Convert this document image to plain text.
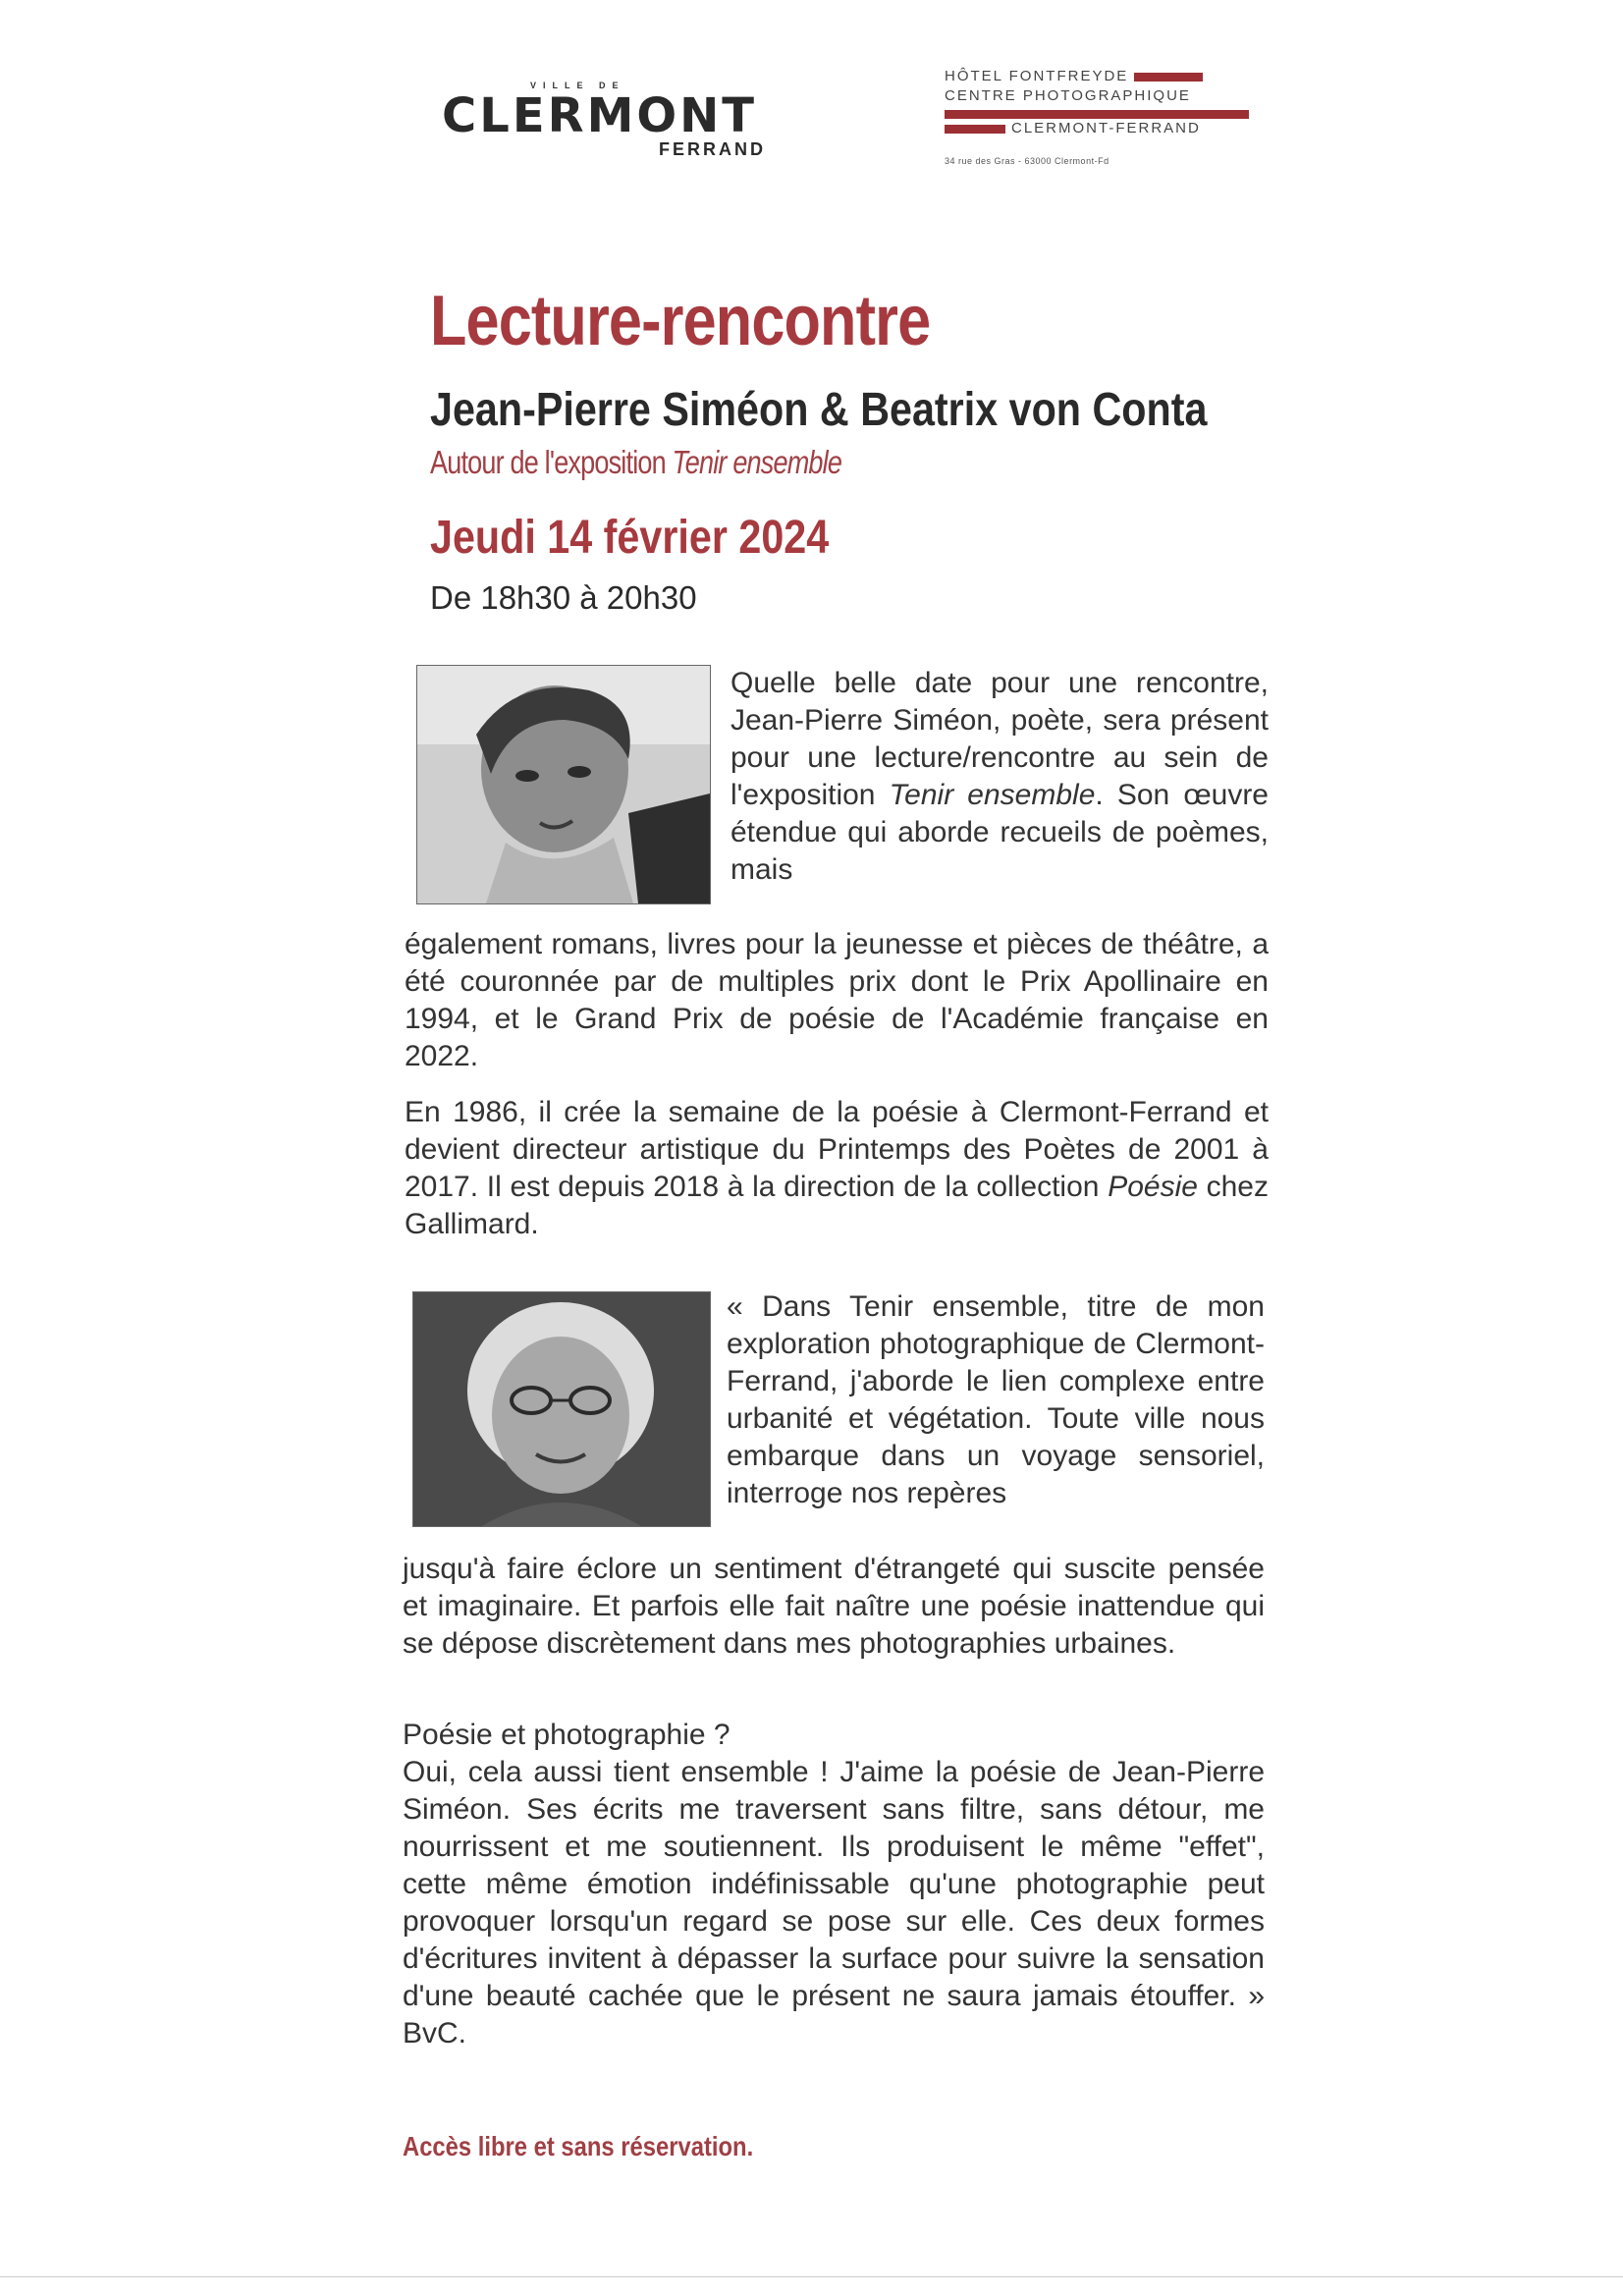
VILLE DE
CLERMONT
FERRAND
HÔTEL FONTFREYDE
CENTRE PHOTOGRAPHIQUE
CLERMONT-FERRAND
34 rue des Gras - 63000 Clermont-Fd
Lecture-rencontre
Jean-Pierre Siméon & Beatrix von Conta
Autour de l'exposition Tenir ensemble
Jeudi 14 février 2024
De 18h30 à 20h30
Quelle belle date pour une rencontre, Jean-Pierre Siméon, poète, sera présent pour une lecture/rencontre au sein de l'exposition Tenir ensemble. Son œuvre étendue qui aborde recueils de poèmes, mais
également romans, livres pour la jeunesse et pièces de théâtre, a été couronnée par de multiples prix dont le Prix Apollinaire en 1994, et le Grand Prix de poésie de l'Académie française en 2022.
En 1986, il crée la semaine de la poésie à Clermont-Ferrand et devient directeur artistique du Printemps des Poètes de 2001 à 2017. Il est depuis 2018 à la direction de la collection Poésie chez Gallimard.
« Dans Tenir ensemble, titre de mon exploration photographique de Clermont-Ferrand, j'aborde le lien complexe entre urbanité et végétation. Toute ville nous embarque dans un voyage sensoriel, interroge nos repères
jusqu'à faire éclore un sentiment d'étrangeté qui suscite pensée et imaginaire. Et parfois elle fait naître une poésie inattendue qui se dépose discrètement dans mes photographies urbaines.
Poésie et photographie ?
Oui, cela aussi tient ensemble ! J'aime la poésie de Jean-Pierre Siméon. Ses écrits me traversent sans filtre, sans détour, me nourrissent et me soutiennent. Ils produisent le même "effet", cette même émotion indéfinissable qu'une photographie peut provoquer lorsqu'un regard se pose sur elle. Ces deux formes d'écritures invitent à dépasser la surface pour suivre la sensation d'une beauté cachée que le présent ne saura jamais étouffer. » BvC.
Accès libre et sans réservation.
